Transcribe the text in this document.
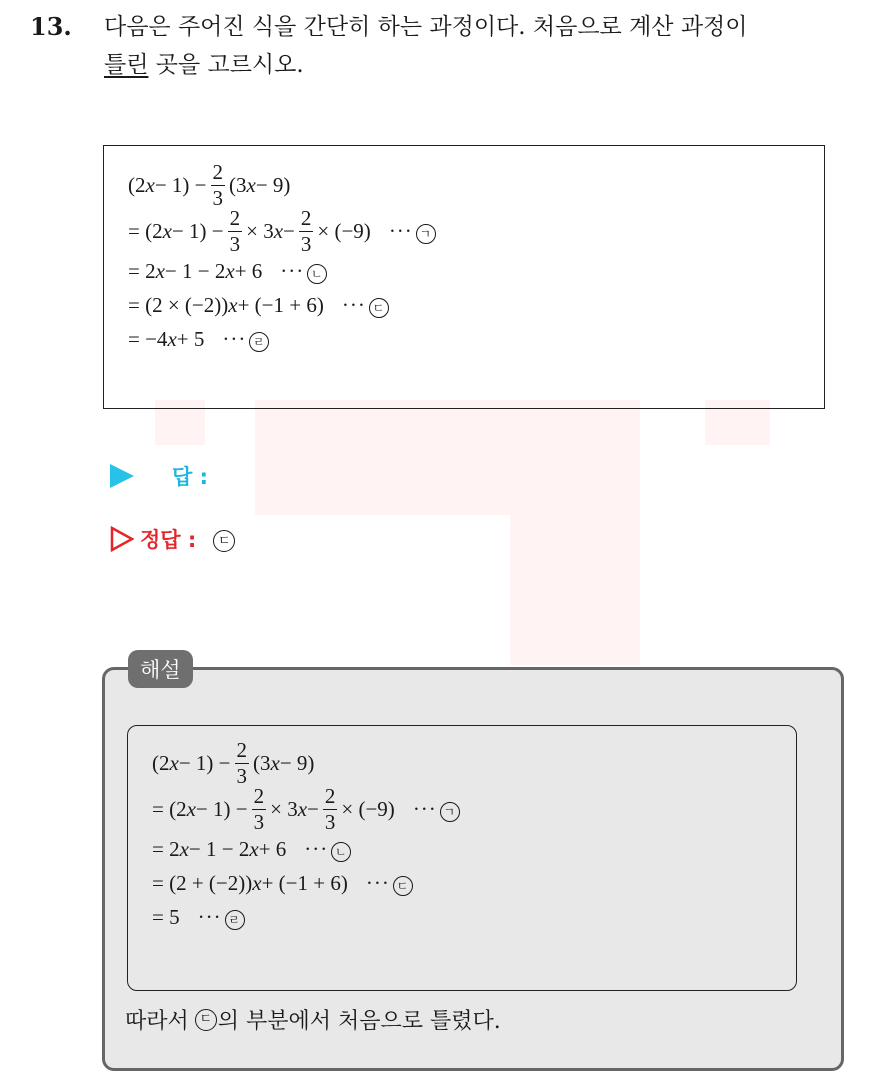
13. 다음은 주어진 식을 간단히 하는 과정이다. 처음으로 계산 과정이
틀린 곳을 고르시오.
(2 $x - 1) - \frac{2}{3} (3$ x − 9)
= (2 $x - 1) - \frac{2}{3} \times 3$ $x - \frac{2}{3} \times (-9)$ ··· ㄱ
= 2 x − 1 − 2 x + 6 ··· ㄴ
= (2 × (−2)) x + (−1 + 6) ··· ㄷ
= −4 x + 5 ··· ㄹ
답 :
정답 :	ㄷ
(2 $x - 1) - \frac{2}{3} (3$ x − 9)
= (2 $x - 1) - \frac{2}{3} \times 3$ $x - \frac{2}{3} \times (-9)$ ··· ㄱ
= 2 x − 1 − 2 x + 6 ··· ㄴ
= (2 + (−2)) x + (−1 + 6) ··· ㄷ
= 5 ··· ㄹ
따라서 ㄷ 의 부분에서 처음으로 틀렸다.
해설
